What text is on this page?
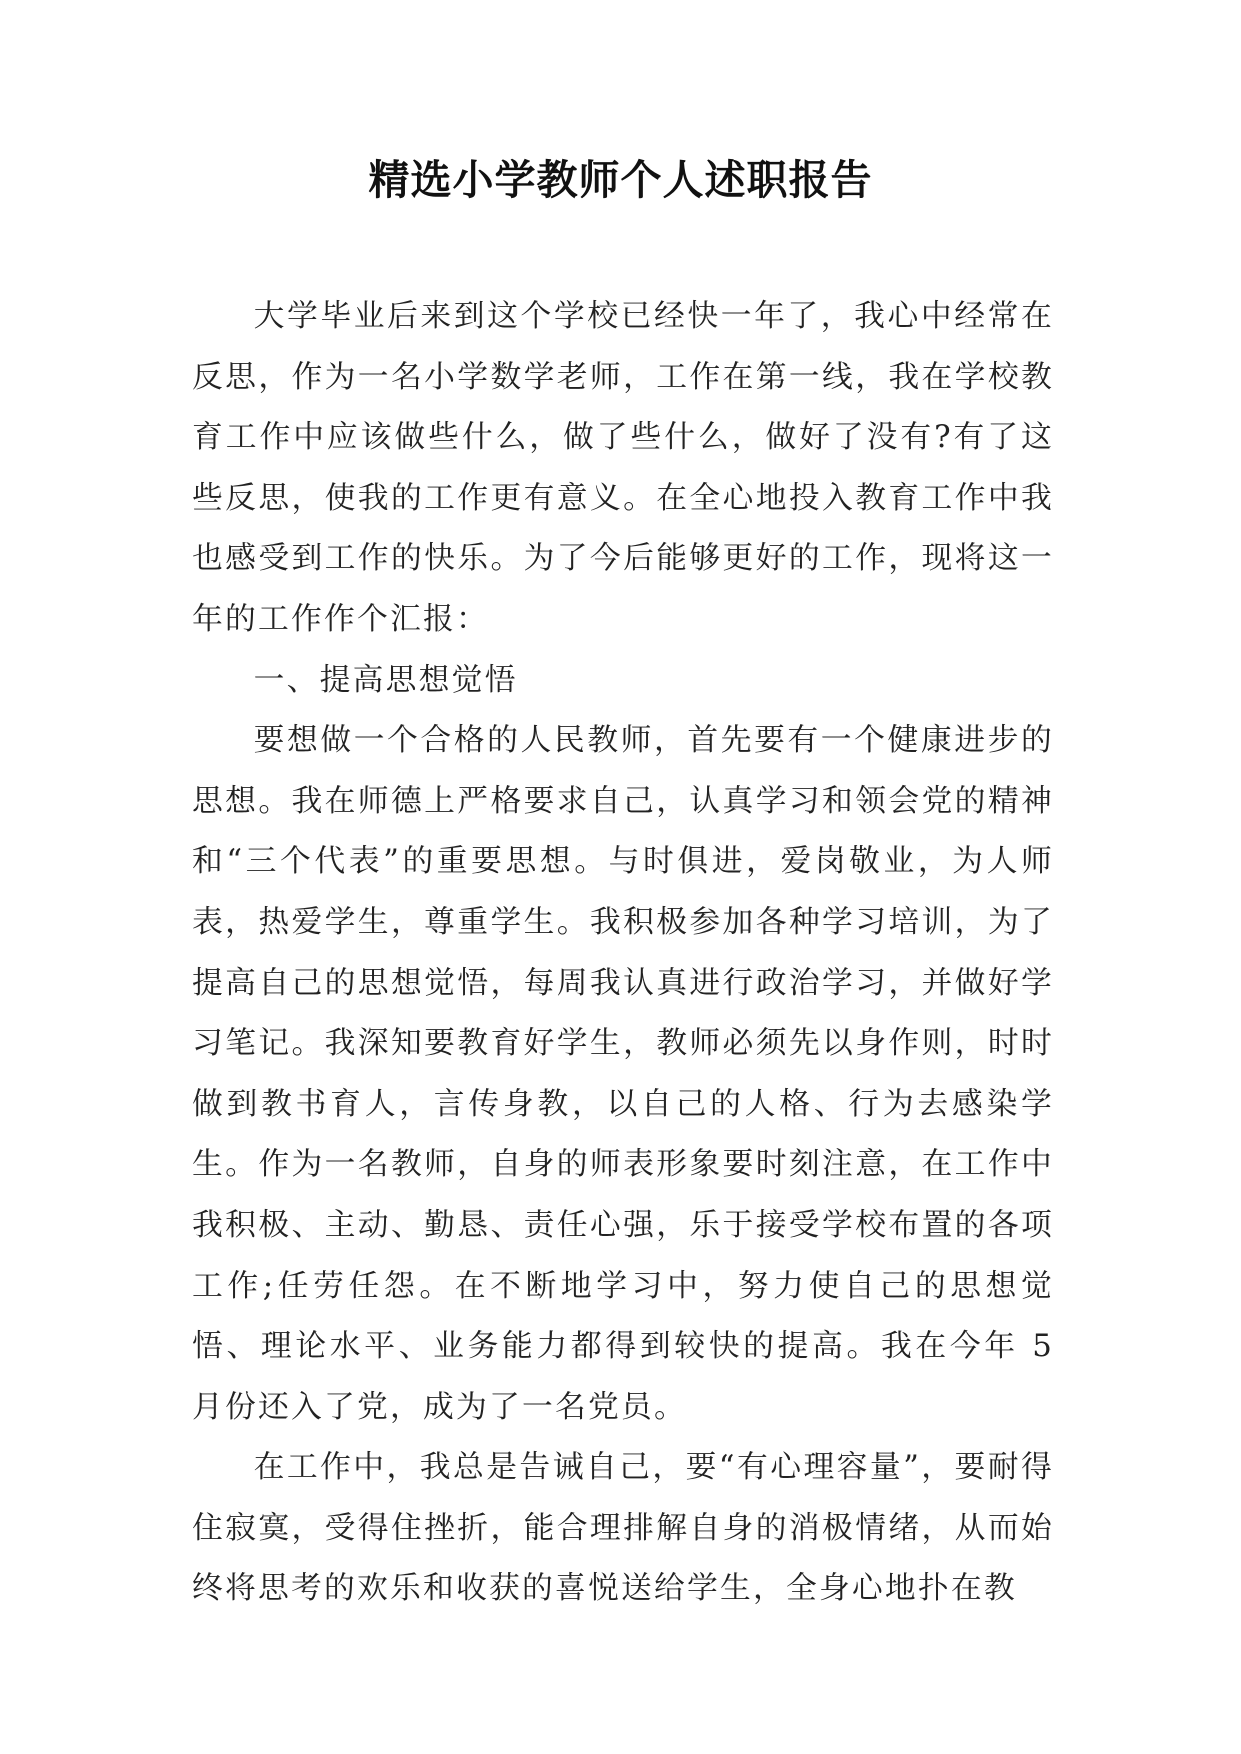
精选小学教师个人述职报告

大学毕业后来到这个学校已经快一年了，我心中经常在反思，作为一名小学数学老师，工作在第一线，我在学校教育工作中应该做些什么，做了些什么，做好了没有?有了这些反思，使我的工作更有意义。在全心地投入教育工作中我也感受到工作的快乐。为了今后能够更好的工作，现将这一年的工作作个汇报：

一、提高思想觉悟

要想做一个合格的人民教师，首先要有一个健康进步的思想。我在师德上严格要求自己，认真学习和领会党的精神和“三个代表”的重要思想。与时俱进，爱岗敬业，为人师表，热爱学生，尊重学生。我积极参加各种学习培训，为了提高自己的思想觉悟，每周我认真进行政治学习，并做好学习笔记。我深知要教育好学生，教师必须先以身作则，时时做到教书育人，言传身教，以自己的人格、行为去感染学生。作为一名教师，自身的师表形象要时刻注意，在工作中我积极、主动、勤恳、责任心强，乐于接受学校布置的各项工作;任劳任怨。在不断地学习中，努力使自己的思想觉悟、理论水平、业务能力都得到较快的提高。我在今年 5 月份还入了党，成为了一名党员。

在工作中，我总是告诫自己，要“有心理容量”，要耐得住寂寞，受得住挫折，能合理排解自身的消极情绪，从而始终将思考的欢乐和收获的喜悦送给学生，全身心地扑在教
